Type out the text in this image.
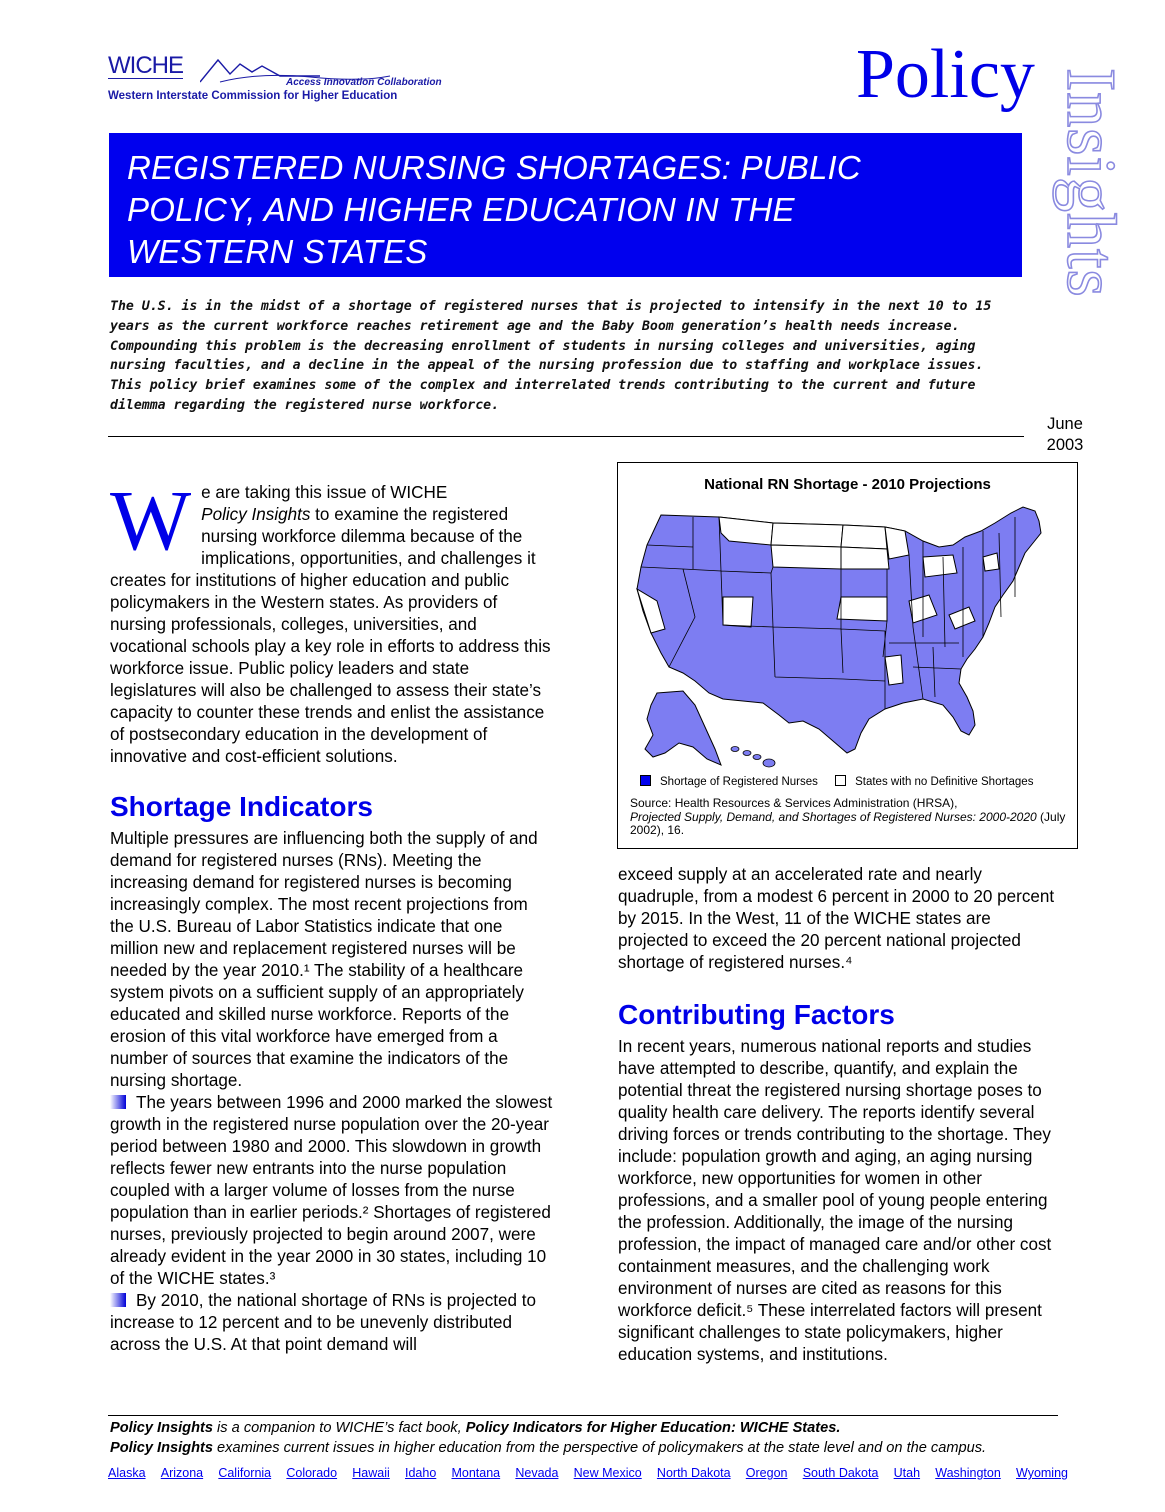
WICHE
Access Innovation Collaboration
Western Interstate Commission for Higher Education	Policy Insights
June
2003
REGISTERED NURSING SHORTAGES: PUBLIC
POLICY, AND HIGHER EDUCATION IN THE
WESTERN STATES
The U.S. is in the midst of a shortage of registered nurses that is projected to intensify in the next 10 to 15 years as the current workforce reaches retirement age and the Baby Boom generation’s health needs increase. Compounding this problem is the decreasing enrollment of students in nursing colleges and universities, aging nursing faculties, and a decline in the appeal of the nursing profession due to staffing and workplace issues. This policy brief examines some of the complex and interrelated trends contributing to the current and future dilemma regarding the registered nurse workforce.
W e are taking this issue of WICHE
Policy Insights to examine the registered
nursing workforce dilemma because of the

implications, opportunities, and challenges it creates for institutions of higher education and public policymakers in the Western states. As providers of nursing professionals, colleges, universities, and vocational schools play a key role in efforts to address this workforce issue. Public policy leaders and state legislatures will also be challenged to assess their state’s capacity to counter these trends and enlist the assistance of postsecondary education in the development of innovative and cost-efficient solutions.

Shortage Indicators

Multiple pressures are influencing both the supply of and demand for registered nurses (RNs). Meeting the increasing demand for registered nurses is becoming increasingly complex. The most recent projections from the U.S. Bureau of Labor Statistics indicate that one million new and replacement registered nurses will be needed by the year 2010.¹ The stability of a healthcare system pivots on a sufficient supply of an appropriately educated and skilled nurse workforce. Reports of the erosion of this vital workforce have emerged from a number of sources that examine the indicators of the nursing shortage.

The years between 1996 and 2000 marked the slowest growth in the registered nurse population over the 20-year period between 1980 and 2000. This slowdown in growth reflects fewer new entrants into the nurse population coupled with a larger volume of losses from the nurse population than in earlier periods.² Shortages of registered nurses, previously projected to begin around 2007, were already evident in the year 2000 in 30 states, including 10 of the WICHE states.³

By 2010, the national shortage of RNs is projected to increase to 12 percent and to be unevenly distributed across the U.S. At that point demand will

National RN Shortage - 2010 Projections
Shortage of Registered Nurses	States with no Definitive Shortages
Source: Health Resources & Services Administration (HRSA),
Projected Supply, Demand, and Shortages of Registered Nurses: 2000-2020 (July 2002), 16.

exceed supply at an accelerated rate and nearly quadruple, from a modest 6 percent in 2000 to 20 percent by 2015. In the West, 11 of the WICHE states are projected to exceed the 20 percent national projected shortage of registered nurses.⁴

Contributing Factors

In recent years, numerous national reports and studies have attempted to describe, quantify, and explain the potential threat the registered nursing shortage poses to quality health care delivery. The reports identify several driving forces or trends contributing to the shortage. They include: population growth and aging, an aging nursing workforce, new opportunities for women in other professions, and a smaller pool of young people entering the profession. Additionally, the image of the nursing profession, the impact of managed care and/or other cost containment measures, and the challenging work environment of nurses are cited as reasons for this workforce deficit.⁵ These interrelated factors will present significant challenges to state policymakers, higher education systems, and institutions.

Policy Insights is a companion to WICHE’s fact book, Policy Indicators for Higher Education: WICHE States.
Policy Insights examines current issues in higher education from the perspective of policymakers at the state level and on the campus.
Alaska Arizona California Colorado Hawaii Idaho Montana Nevada New Mexico North Dakota Oregon South Dakota Utah Washington Wyoming
